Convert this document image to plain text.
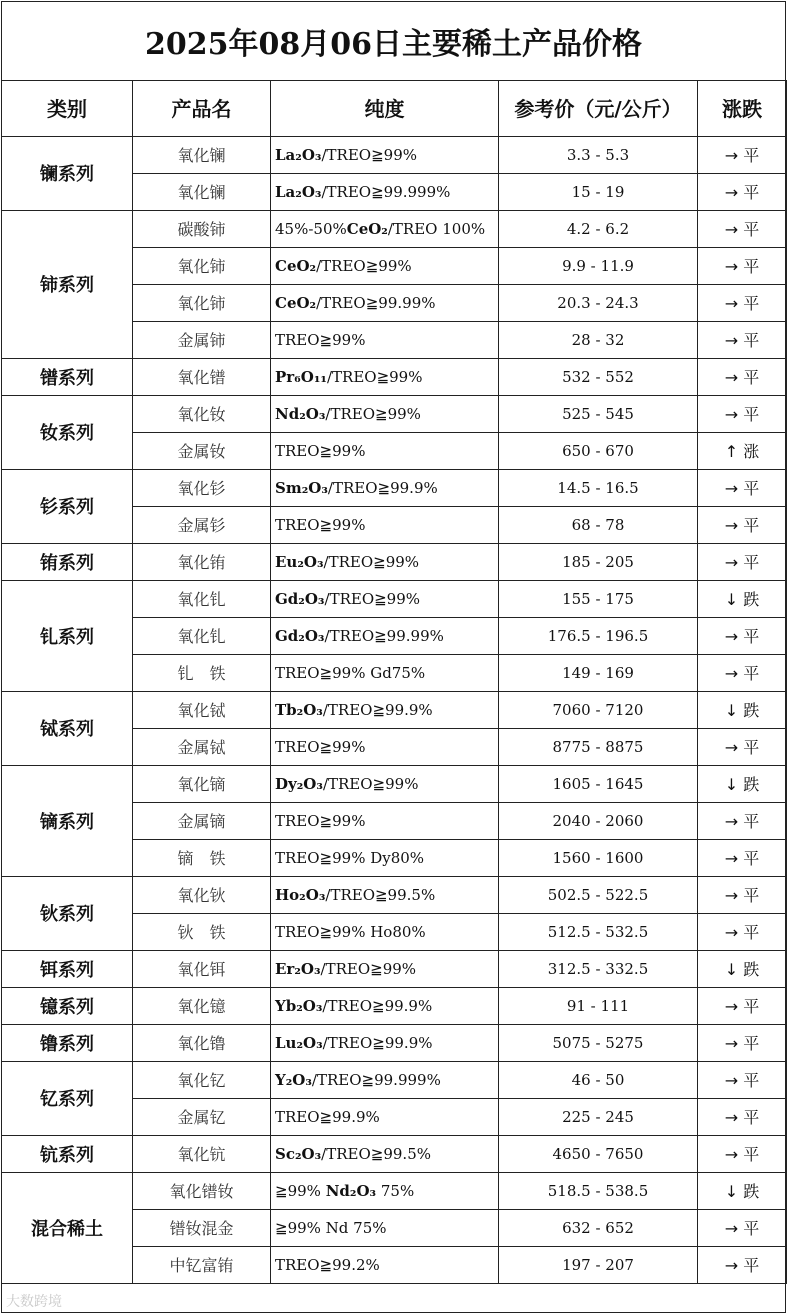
2025年08月06日主要稀土产品价格
类别	产品名	纯度	参考价（元/公斤）	涨跌
镧系列	氧化镧	La₂O₃/TREO≧99%	3.3 - 5.3	→ 平
	氧化镧	La₂O₃/TREO≧99.999%	15 - 19	→ 平
铈系列	碳酸铈	45%-50%CeO₂/TREO 100%	4.2 - 6.2	→ 平
	氧化铈	CeO₂/TREO≧99%	9.9 - 11.9	→ 平
	氧化铈	CeO₂/TREO≧99.99%	20.3 - 24.3	→ 平
	金属铈	TREO≧99%	28 - 32	→ 平
镨系列	氧化镨	Pr₆O₁₁/TREO≧99%	532 - 552	→ 平
钕系列	氧化钕	Nd₂O₃/TREO≧99%	525 - 545	→ 平
	金属钕	TREO≧99%	650 - 670	↑ 涨
钐系列	氧化钐	Sm₂O₃/TREO≧99.9%	14.5 - 16.5	→ 平
	金属钐	TREO≧99%	68 - 78	→ 平
铕系列	氧化铕	Eu₂O₃/TREO≧99%	185 - 205	→ 平
钆系列	氧化钆	Gd₂O₃/TREO≧99%	155 - 175	↓ 跌
	氧化钆	Gd₂O₃/TREO≧99.99%	176.5 - 196.5	→ 平
	钆　铁	TREO≧99% Gd75%	149 - 169	→ 平
铽系列	氧化铽	Tb₂O₃/TREO≧99.9%	7060 - 7120	↓ 跌
	金属铽	TREO≧99%	8775 - 8875	→ 平
镝系列	氧化镝	Dy₂O₃/TREO≧99%	1605 - 1645	↓ 跌
	金属镝	TREO≧99%	2040 - 2060	→ 平
	镝　铁	TREO≧99% Dy80%	1560 - 1600	→ 平
钬系列	氧化钬	Ho₂O₃/TREO≧99.5%	502.5 - 522.5	→ 平
	钬　铁	TREO≧99% Ho80%	512.5 - 532.5	→ 平
铒系列	氧化铒	Er₂O₃/TREO≧99%	312.5 - 332.5	↓ 跌
镱系列	氧化镱	Yb₂O₃/TREO≧99.9%	91 - 111	→ 平
镥系列	氧化镥	Lu₂O₃/TREO≧99.9%	5075 - 5275	→ 平
钇系列	氧化钇	Y₂O₃/TREO≧99.999%	46 - 50	→ 平
	金属钇	TREO≧99.9%	225 - 245	→ 平
钪系列	氧化钪	Sc₂O₃/TREO≧99.5%	4650 - 7650	→ 平
混合稀土	氧化镨钕	≧99% Nd₂O₃ 75%	518.5 - 538.5	↓ 跌
	镨钕混金	≧99% Nd 75%	632 - 652	→ 平
	中钇富铕	TREO≧99.2%	197 - 207	→ 平
大数跨境
